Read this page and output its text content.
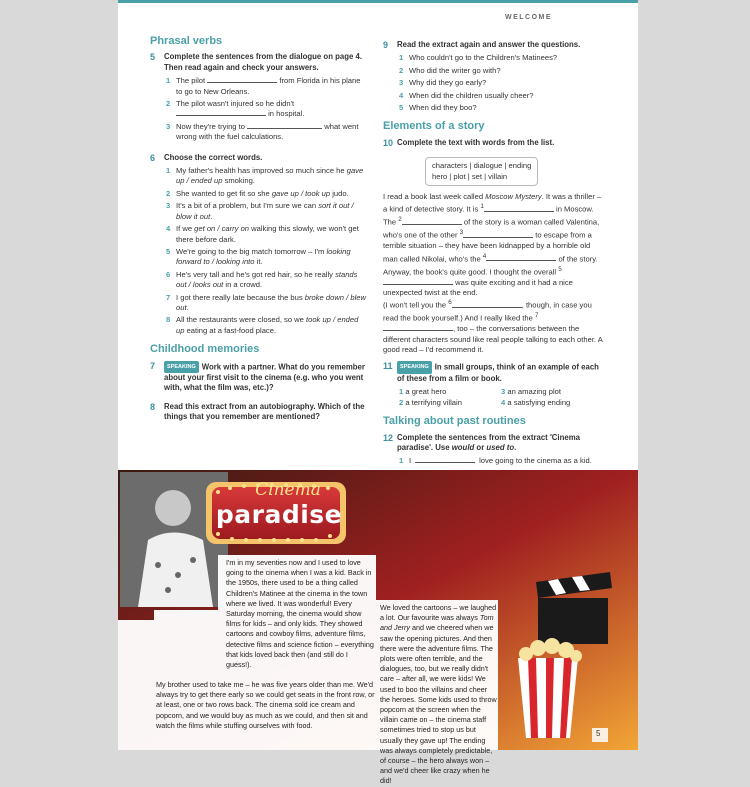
WELCOME
Phrasal verbs
5	Complete the sentences from the dialogue on page 4. Then read again and check your answers.
1 The pilot	from Florida in his plane to go to New Orleans.
2 The pilot wasn't injured so he didn't  in hospital.
3 Now they're trying to	what went wrong with the fuel calculations.
6	Choose the correct words.
1 My father's health has improved so much since he gave up / ended up smoking.
2 She wanted to get fit so she gave up / took up judo.
3 It's a bit of a problem, but I'm sure we can sort it out / blow it out.
4 If we get on / carry on walking this slowly, we won't get there before dark.
5 We're going to the big match tomorrow – I'm looking forward to / looking into it.
6 He's very tall and he's got red hair, so he really stands out / looks out in a crowd.
7 I got there really late because the bus broke down / blew out.
8 All the restaurants were closed, so we took up / ended up eating at a fast-food place.
Childhood memories
7	SPEAKING Work with a partner. What do you remember about your first visit to the cinema (e.g. who you went with, what the film was, etc.)?
8	Read this extract from an autobiography. Which of the things that you remember are mentioned?
9	Read the extract again and answer the questions.
1 Who couldn't go to the Children's Matinees?
2 Who did the writer go with?
3 Why did they go early?
4 When did the children usually cheer?
5 When did they boo?
Elements of a story
10 Complete the text with words from the list.
characters | dialogue | ending
hero | plot | set | villain
I read a book last week called Moscow Mystery. It was a thriller – a kind of detective story. It is $^1$	in Moscow. The $^2$	of the story is a woman called Valentina, who's one of the other $^3$	to escape from a terrible situation – they have been kidnapped by a horrible old man called Nikolai, who's the $^4$	of the story.
Anyway, the book's quite good. I thought the overall $^5$ was quite exciting and it had a nice unexpected twist at the end.
(I won't tell you the $^6$	, though, in case you read the book yourself.) And I really liked the $^7$, too – the conversations between the different characters sound like real people talking to each other. A good read – I'd recommend it.
11	SPEAKING In small groups, think of an example of each of these from a film or book.
1 a great hero	3 an amazing plot
2 a terrifying villain	4 a satisfying ending
Talking about past routines
12 Complete the sentences from the extract 'Cinema paradise'. Use would or used to.
1 I	love going to the cinema as a kid.
Cinema
paradise
I'm in my seventies now and I used to love going to the cinema when I was a kid. Back in the 1950s, there used to be a thing called Children's Matinee at the cinema in the town where we lived. It was wonderful! Every Saturday morning, the cinema would show films for kids – and only kids. They showed cartoons and cowboy films, adventure films, detective films and science fiction – everything that kids loved back then (and still do I guess!).
My brother used to take me – he was five years older than me. We'd always try to get there early so we could get seats in the front row, or at least, one or two rows back. The cinema sold ice cream and popcorn, and we would buy as much as we could, and then sit and watch the films while stuffing ourselves with food.
We loved the cartoons – we laughed a lot. Our favourite was always Tom and Jerry and we cheered when we saw the opening pictures. And then there were the adventure films. The plots were often terrible, and the dialogues, too, but we really didn't care – after all, we were kids! We used to boo the villains and cheer the heroes. Some kids used to throw popcorn at the screen when the villain came on – the cinema staff sometimes tried to stop us but usually they gave up! The ending was always completely predictable, of course – the hero always won – and we'd cheer like crazy when he did!
5
